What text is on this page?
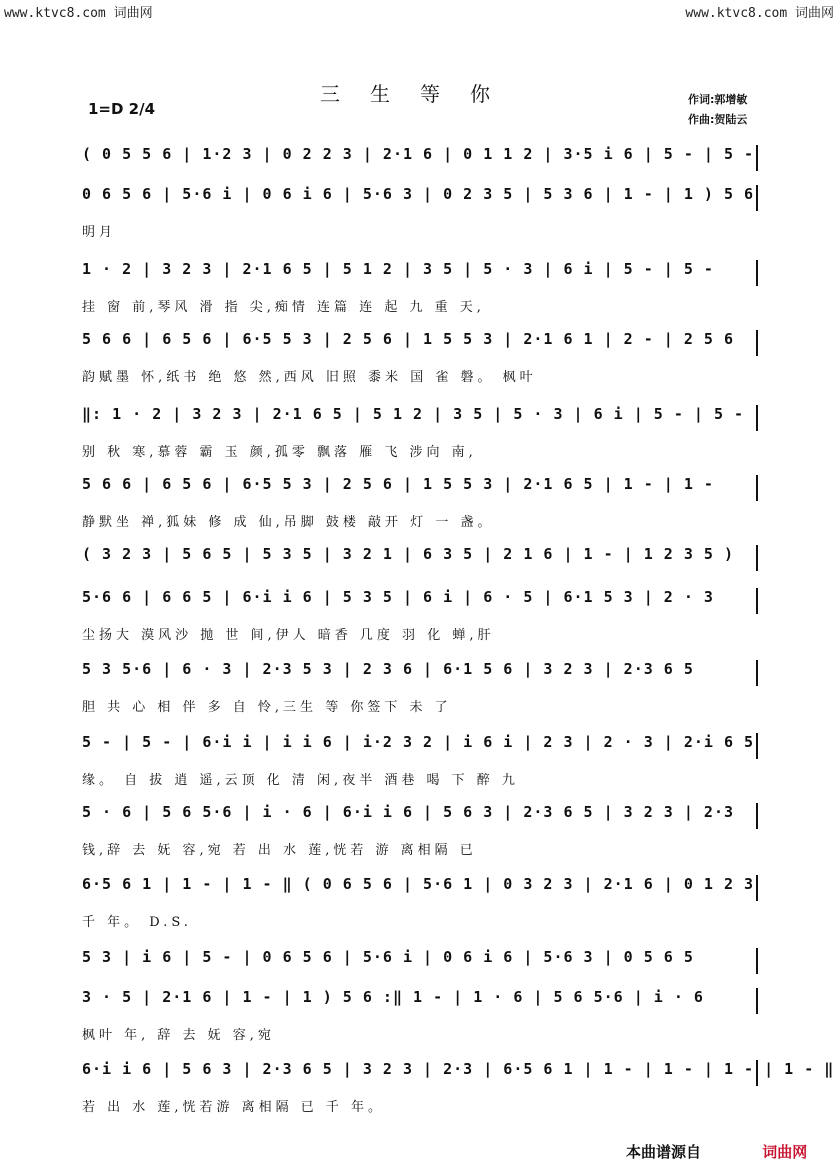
www.ktvc8.com 词曲网	www.ktvc8.com 词曲网
三生等你
1=D 2/4
作词:郭增敏
作曲:贺陆云
( 0 5 5 6 | 1·2 3 | 0 2 2 3 | 2·1 6 | 0 1 1 2 | 3·5 i 6 | 5 - | 5 -
0 6 5 6 | 5·6 i | 0 6 i 6 | 5·6 3 | 0 2 3 5 | 5 3 6 | 1 - | 1 ) 5 6
明月
1 · 2 | 3 2 3 | 2·1 6 5 | 5 1 2 | 3 5 | 5 · 3 | 6 i | 5 - | 5 -
挂 窗 前,琴风 滑 指 尖,痴情 连篇 连 起 九 重 天,
5 6 6 | 6 5 6 | 6·5 5 3 | 2 5 6 | 1 5 5 3 | 2·1 6 1 | 2 - | 2 5 6
韵赋墨 怀,纸书 绝 悠 然,西风 旧照 黍米 国 雀 磐。 枫叶
‖: 1 · 2 | 3 2 3 | 2·1 6 5 | 5 1 2 | 3 5 | 5 · 3 | 6 i | 5 - | 5 -
别 秋 寒,慕蓉 霸 玉 颜,孤零 飘落 雁 飞 涉向 南,
5 6 6 | 6 5 6 | 6·5 5 3 | 2 5 6 | 1 5 5 3 | 2·1 6 5 | 1 - | 1 -
静默坐 禅,狐妹 修 成 仙,吊脚 鼓楼 敲开 灯 一 盏。
( 3 2 3 | 5 6 5 | 5 3 5 | 3 2 1 | 6 3 5 | 2 1 6 | 1 - | 1 2 3 5 )
5·6 6 | 6 6 5 | 6·i i 6 | 5 3 5 | 6 i | 6 · 5 | 6·1 5 3 | 2 · 3
尘扬大 漠风沙 抛 世 间,伊人 暗香 几度 羽 化 蝉,肝
5 3 5·6 | 6 · 3 | 2·3 5 3 | 2 3 6 | 6·1 5 6 | 3 2 3 | 2·3 6 5
胆 共 心 相 伴 多 自 怜,三生 等 你签下 未 了
5 - | 5 - | 6·i i | i i 6 | i·2 3 2 | i 6 i | 2 3 | 2 · 3 | 2·i 6 5
缘。 自 拔 逍 遥,云顶 化 清 闲,夜半 酒巷 喝 下 醉 九
5 · 6 | 5 6 5·6 | i · 6 | 6·i i 6 | 5 6 3 | 2·3 6 5 | 3 2 3 | 2·3
钱,辞 去 妩 容,宛 若 出 水 莲,恍若 游 离相隔 已
6·5 6 1 | 1 - | 1 - ‖ ( 0 6 5 6 | 5·6 1 | 0 3 2 3 | 2·1 6 | 0 1 2 3
千 年。 D.S.
5 3 | i 6 | 5 - | 0 6 5 6 | 5·6 i | 0 6 i 6 | 5·6 3 | 0 5 6 5
3 · 5 | 2·1 6 | 1 - | 1 ) 5 6 :‖ 1 - | 1 · 6 | 5 6 5·6 | i · 6
枫叶 年, 辞 去 妩 容,宛
6·i i 6 | 5 6 3 | 2·3 6 5 | 3 2 3 | 2·3 | 6·5 6 1 | 1 - | 1 - | 1 - | 1 - ‖
若 出 水 莲,恍若游 离相隔 已 千 年。
本曲谱源自	词曲网
